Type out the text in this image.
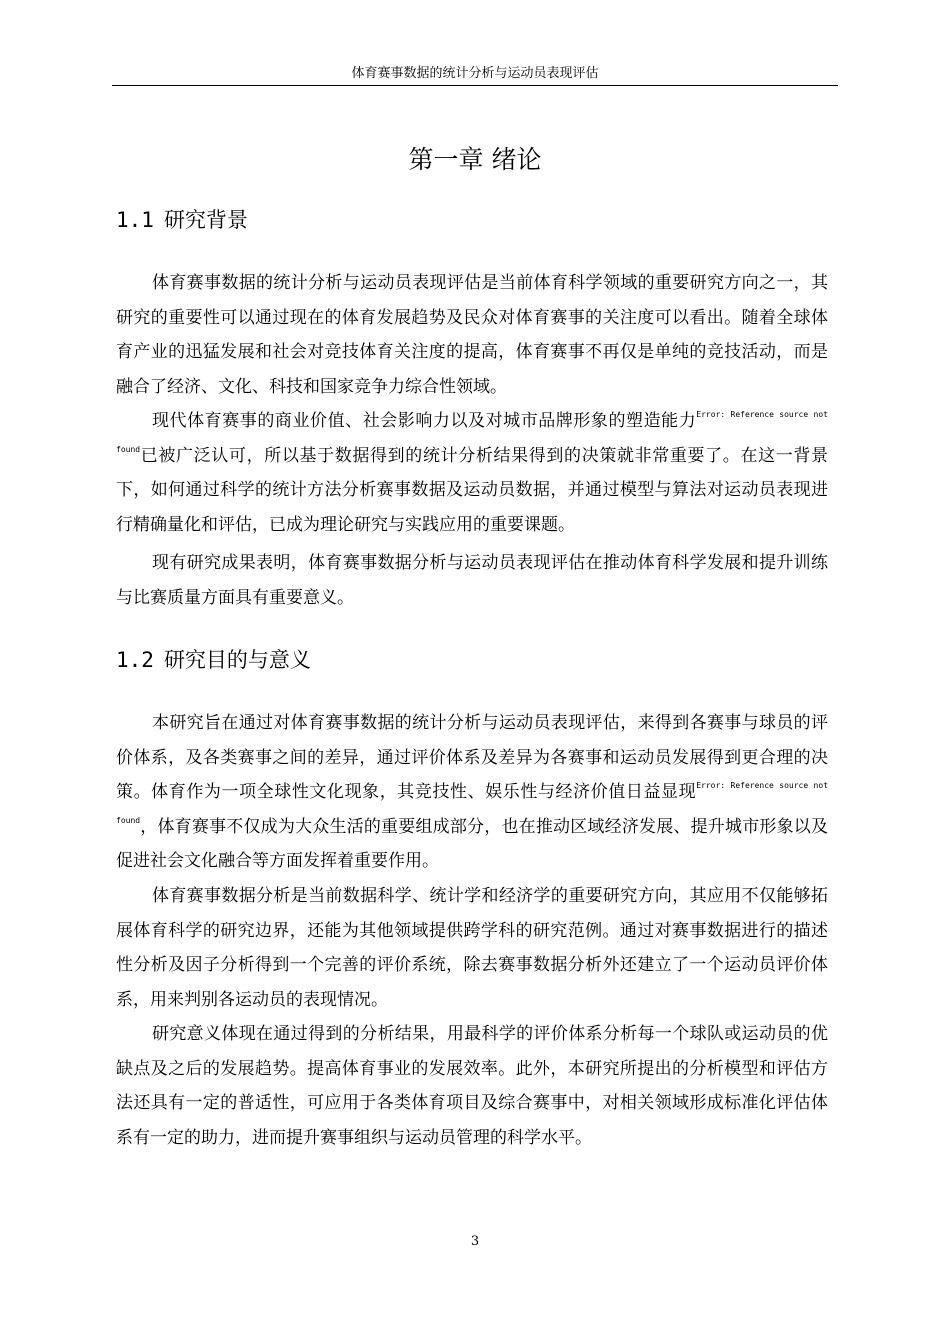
体育赛事数据的统计分析与运动员表现评估
第一章 绪论
1.1 研究背景

体育赛事数据的统计分析与运动员表现评估是当前体育科学领域的重要研究方向之一，其研究的重要性可以通过现在的体育发展趋势及民众对体育赛事的关注度可以看出。随着全球体育产业的迅猛发展和社会对竞技体育关注度的提高，体育赛事不再仅是单纯的竞技活动，而是融合了经济、文化、科技和国家竞争力综合性领域。

现代体育赛事的商业价值、社会影响力以及对城市品牌形象的塑造能力$^{Error: Reference source not found}$已被广泛认可，所以基于数据得到的统计分析结果得到的决策就非常重要了。在这一背景下，如何通过科学的统计方法分析赛事数据及运动员数据，并通过模型与算法对运动员表现进行精确量化和评估，已成为理论研究与实践应用的重要课题。

现有研究成果表明，体育赛事数据分析与运动员表现评估在推动体育科学发展和提升训练与比赛质量方面具有重要意义。

1.2 研究目的与意义

本研究旨在通过对体育赛事数据的统计分析与运动员表现评估，来得到各赛事与球员的评价体系，及各类赛事之间的差异，通过评价体系及差异为各赛事和运动员发展得到更合理的决策。体育作为一项全球性文化现象，其竞技性、娱乐性与经济价值日益显现$^{Error: Reference source not found}$，体育赛事不仅成为大众生活的重要组成部分，也在推动区域经济发展、提升城市形象以及促进社会文化融合等方面发挥着重要作用。

体育赛事数据分析是当前数据科学、统计学和经济学的重要研究方向，其应用不仅能够拓展体育科学的研究边界，还能为其他领域提供跨学科的研究范例。通过对赛事数据进行的描述性分析及因子分析得到一个完善的评价系统，除去赛事数据分析外还建立了一个运动员评价体系，用来判别各运动员的表现情况。

研究意义体现在通过得到的分析结果，用最科学的评价体系分析每一个球队或运动员的优缺点及之后的发展趋势。提高体育事业的发展效率。此外，本研究所提出的分析模型和评估方法还具有一定的普适性，可应用于各类体育项目及综合赛事中，对相关领域形成标准化评估体系有一定的助力，进而提升赛事组织与运动员管理的科学水平。

3
